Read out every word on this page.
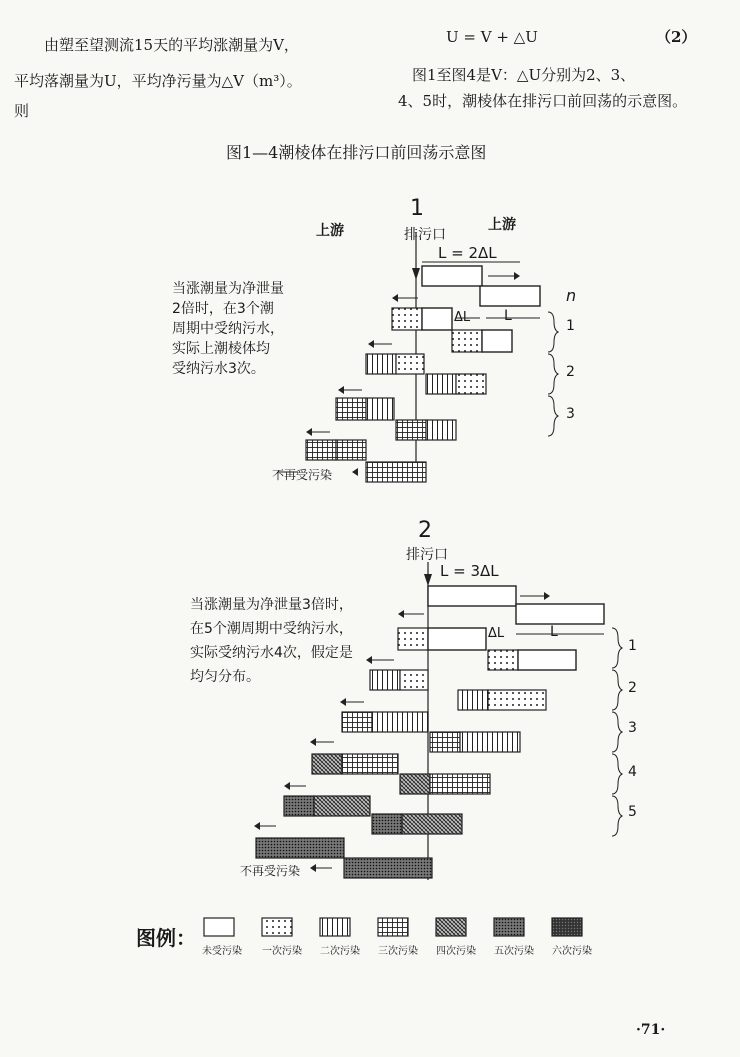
由塑至望测流15天的平均涨潮量为V，
平均落潮量为U，平均净污量为△V（m³）。
则
U = V + △U	（2）
图1至图4是V：△U分别为2、3、
4、5时，潮棱体在排污口前回荡的示意图。
图1—4潮棱体在排污口前回荡示意图
1
上游	上游
排污口
L = 2ΔL
n
ΔL L
当涨潮量为净泄量
2倍时，在3个潮
周期中受纳污水，
实际上潮棱体均
受纳污水3次。
不再受污染
1
2
3
2
排污口
L = 3ΔL
ΔL	L
当涨潮量为净泄量3倍时，
在5个潮周期中受纳污水，
实际受纳污水4次，假定是
均匀分布。
不再受污染
1
2
3
4
5
图例：
未受污染 一次污染 二次污染 三次污染 四次污染 五次污染 六次污染
·71·
